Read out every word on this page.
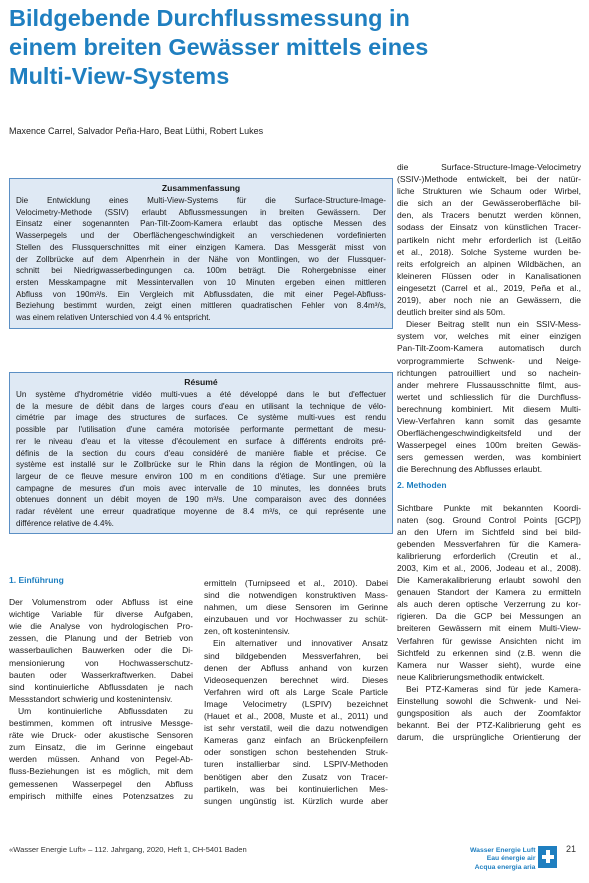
Bildgebende Durchflussmessung in
einem breiten Gewässer mittels eines
Multi-View-Systems
Maxence Carrel, Salvador Peña-Haro, Beat Lüthi, Robert Lukes
Zusammenfassung
Die Entwicklung eines Multi-View-Systems für die Surface-Structure-Image-
Velocimetry-Methode (SSIV) erlaubt Abflussmessungen in breiten Gewässern. Der
Einsatz einer sogenannten Pan-Tilt-Zoom-Kamera erlaubt das optische Messen des
Wasserpegels und der Oberflächengeschwindigkeit an verschiedenen vordefinierten
Stellen des Flussquerschnittes mit einer einzigen Kamera. Das Messgerät misst von
der Zollbrücke auf dem Alpenrhein in der Nähe von Montlingen, wo der Flussquer-
schnitt bei Niedrigwasserbedingungen ca. 100m beträgt. Die Rohergebnisse einer
ersten Messkampagne mit Messintervallen von 10 Minuten ergeben einen mittleren
Abfluss von 190m³/s. Ein Vergleich mit Abflussdaten, die mit einer Pegel-Abfluss-
Beziehung bestimmt wurden, zeigt einen mittleren quadratischen Fehler von 8.4m³/s,
was einem relativen Unterschied von 4.4 % entspricht.
Résumé
Un système d'hydrométrie vidéo multi-vues a été développé dans le but d'effectuer
de la mesure de débit dans de larges cours d'eau en utilisant la technique de vélo-
cimétrie par image des structures de surfaces. Ce système multi-vues est rendu
possible par l'utilisation d'une caméra motorisée performante permettant de mesu-
rer le niveau d'eau et la vitesse d'écoulement en surface à différents endroits pré-
définis de la section du cours d'eau considéré de manière fiable et précise. Ce
système est installé sur le Zollbrücke sur le Rhin dans la région de Montlingen, où la
largeur de ce fleuve mesure environ 100 m en conditions d'étiage. Sur une première
campagne de mesures d'un mois avec intervalle de 10 minutes, les données bruts
obtenues donnent un débit moyen de 190 m³/s. Une comparaison avec des données
radar révèlent une erreur quadratique moyenne de 8.4 m³/s, ce qui représente une
différence relative de 4.4%.
1. Einführung
Der Volumenstrom oder Abfluss ist eine
wichtige Variable für diverse Aufgaben,
wie die Analyse von hydrologischen Pro-
zessen, die Planung und der Betrieb von
wasserbaulichen Bauwerken oder die Di-
mensionierung von Hochwasserschutz-
bauten oder Wasserkraftwerken. Dabei
sind kontinuierliche Abflussdaten je nach
Messstandort schwierig und kostenintensiv.
Um kontinuierliche Abflussdaten zu
bestimmen, kommen oft intrusive Messge-
räte wie Druck- oder akustische Sensoren
zum Einsatz, die im Gerinne eingebaut
werden müssen. Anhand von Pegel-Ab-
fluss-Beziehungen ist es möglich, mit dem
gemessenen Wasserpegel den Abfluss
empirisch mithilfe eines Potenzsatzes zu
ermitteln (Turnipseed et al., 2010). Dabei
sind die notwendigen konstruktiven Mass-
nahmen, um diese Sensoren im Gerinne
einzubauen und vor Hochwasser zu schüt-
zen, oft kostenintensiv.
Ein alternativer und innovativer Ansatz
sind bildgebenden Messverfahren, bei
denen der Abfluss anhand von kurzen
Videosequenzen berechnet wird. Dieses
Verfahren wird oft als Large Scale Particle
Image Velocimetry (LSPIV) bezeichnet
(Hauet et al., 2008, Muste et al., 2011) und
ist sehr verstatil, weil die dazu notwendigen
Kameras ganz einfach an Brückenpfeilern
oder sonstigen schon bestehenden Struk-
turen installierbar sind. LSPIV-Methoden
benötigen aber den Zusatz von Tracer-
partikeln, was bei kontinuierlichen Mes-
sungen ungünstig ist. Kürzlich wurde aber
die Surface-Structure-Image-Velocimetry
(SSIV-)Methode entwickelt, bei der natür-
liche Strukturen wie Schaum oder Wirbel,
die sich an der Gewässeroberfläche bil-
den, als Tracers benutzt werden können,
sodass der Einsatz von künstlichen Tracer-
partikeln nicht mehr erforderlich ist (Leitão
et al., 2018). Solche Systeme wurden be-
reits erfolgreich an alpinen Wildbächen, an
kleineren Flüssen oder in Kanalisationen
eingesetzt (Carrel et al., 2019, Peña et al.,
2019), aber noch nie an Gewässern, die
deutlich breiter sind als 50m.
Dieser Beitrag stellt nun ein SSIV-Mess-
system vor, welches mit einer einzigen
Pan-Tilt-Zoom-Kamera automatisch durch
vorprogrammierte Schwenk- und Neige-
richtungen patrouilliert und so nachein-
ander mehrere Flussausschnitte filmt, aus-
wertet und schliesslich für die Durchfluss-
berechnung kombiniert. Mit diesem Multi-
View-Verfahren kann somit das gesamte
Oberflächengeschwindigkeitsfeld und der
Wasserpegel eines 100m breiten Gewäs-
sers gemessen werden, was kombiniert
die Berechnung des Abflusses erlaubt.
2. Methoden
Sichtbare Punkte mit bekannten Koordi-
naten (sog. Ground Control Points [GCP])
an den Ufern im Sichtfeld sind bei bild-
gebenden Messverfahren für die Kamera-
kalibrierung erforderlich (Creutin et al.,
2003, Kim et al., 2006, Jodeau et al., 2008).
Die Kamerakalibrierung erlaubt sowohl den
genauen Standort der Kamera zu ermitteln
als auch deren optische Verzerrung zu kor-
rigieren. Da die GCP bei Messungen an
breiteren Gewässern mit einem Multi-View-
Verfahren für gewisse Ansichten nicht im
Sichtfeld zu erkennen sind (z.B. wenn die
Kamera nur Wasser sieht), wurde eine
neue Kalibrierungsmethodik entwickelt.
Bei PTZ-Kameras sind für jede Kamera-
Einstellung sowohl die Schwenk- und Nei-
gungsposition als auch der Zoomfaktor
bekannt. Bei der PTZ-Kalibrierung geht es
darum, die ursprüngliche Orientierung der
«Wasser Energie Luft» – 112. Jahrgang, 2020, Heft 1, CH-5401 Baden	21
Wasser Energie Luft
Eau énergie air
Acqua energia aria
